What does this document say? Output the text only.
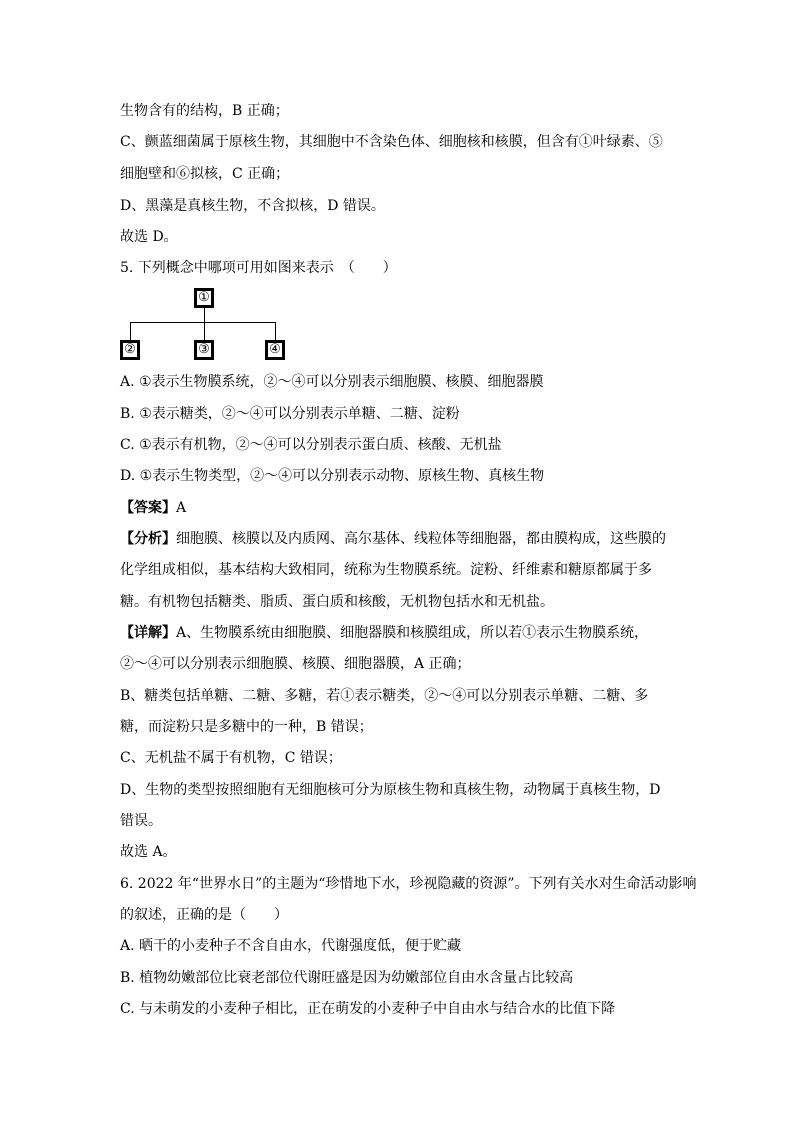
生物含有的结构，B 正确；
C、颤蓝细菌属于原核生物，其细胞中不含染色体、细胞核和核膜，但含有①叶绿素、⑤
细胞壁和⑥拟核，C 正确；
D、黑藻是真核生物，不含拟核，D 错误。
故选 D。
5. 下列概念中哪项可用如图来表示　（　　）
①
②	③	④
A. ①表示生物膜系统，②～④可以分别表示细胞膜、核膜、细胞器膜
B. ①表示糖类，②～④可以分别表示单糖、二糖、淀粉
C. ①表示有机物，②～④可以分别表示蛋白质、核酸、无机盐
D. ①表示生物类型，②～④可以分别表示动物、原核生物、真核生物
【答案】A
【分析】细胞膜、核膜以及内质网、高尔基体、线粒体等细胞器，都由膜构成，这些膜的
化学组成相似，基本结构大致相同，统称为生物膜系统。淀粉、纤维素和糖原都属于多
糖。有机物包括糖类、脂质、蛋白质和核酸，无机物包括水和无机盐。
【详解】A、生物膜系统由细胞膜、细胞器膜和核膜组成，所以若①表示生物膜系统，
②～④可以分别表示细胞膜、核膜、细胞器膜，A 正确；
B、糖类包括单糖、二糖、多糖，若①表示糖类，②～④可以分别表示单糖、二糖、多
糖，而淀粉只是多糖中的一种，B 错误；
C、无机盐不属于有机物，C 错误；
D、生物的类型按照细胞有无细胞核可分为原核生物和真核生物，动物属于真核生物，D
错误。
故选 A。
6. 2022 年“世界水日”的主题为“珍惜地下水，珍视隐藏的资源”。下列有关水对生命活动影响
的叙述，正确的是（　　）
A. 晒干的小麦种子不含自由水，代谢强度低，便于贮藏
B. 植物幼嫩部位比衰老部位代谢旺盛是因为幼嫩部位自由水含量占比较高
C. 与未萌发的小麦种子相比，正在萌发的小麦种子中自由水与结合水的比值下降
